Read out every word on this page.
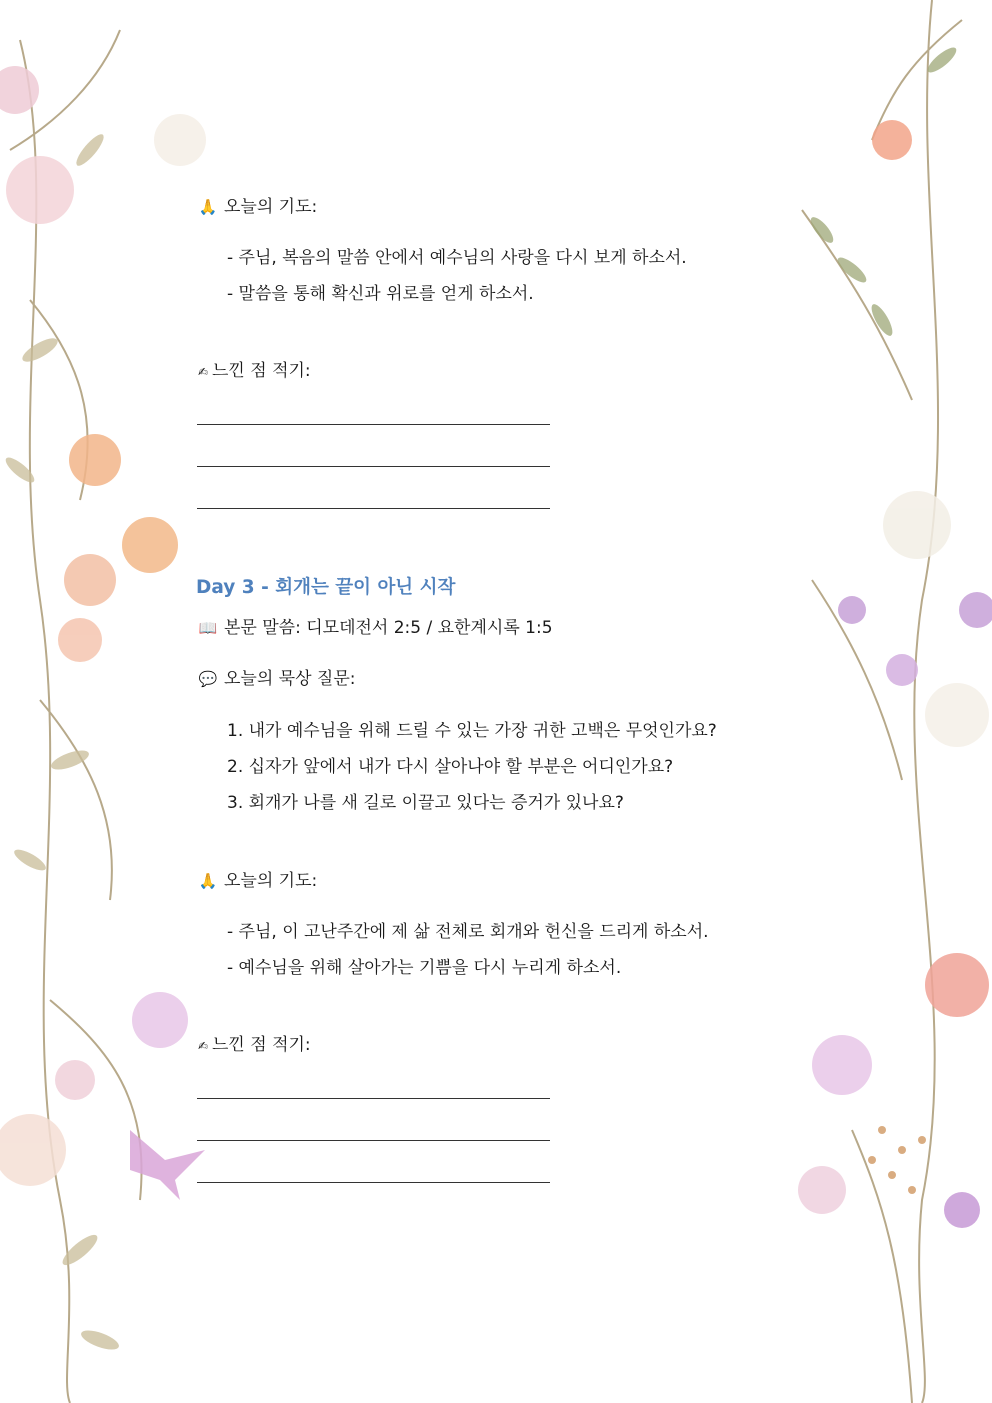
🙏 오늘의 기도:
- 주님, 복음의 말씀 안에서 예수님의 사랑을 다시 보게 하소서.
- 말씀을 통해 확신과 위로를 얻게 하소서.
✍ 느낀 점 적기:
Day 3 - 회개는 끝이 아닌 시작
📖 본문 말씀: 디모데전서 2:5 / 요한계시록 1:5
💬 오늘의 묵상 질문:
1. 내가 예수님을 위해 드릴 수 있는 가장 귀한 고백은 무엇인가요?
2. 십자가 앞에서 내가 다시 살아나야 할 부분은 어디인가요?
3. 회개가 나를 새 길로 이끌고 있다는 증거가 있나요?
🙏 오늘의 기도:
- 주님, 이 고난주간에 제 삶 전체로 회개와 헌신을 드리게 하소서.
- 예수님을 위해 살아가는 기쁨을 다시 누리게 하소서.
✍ 느낀 점 적기:
